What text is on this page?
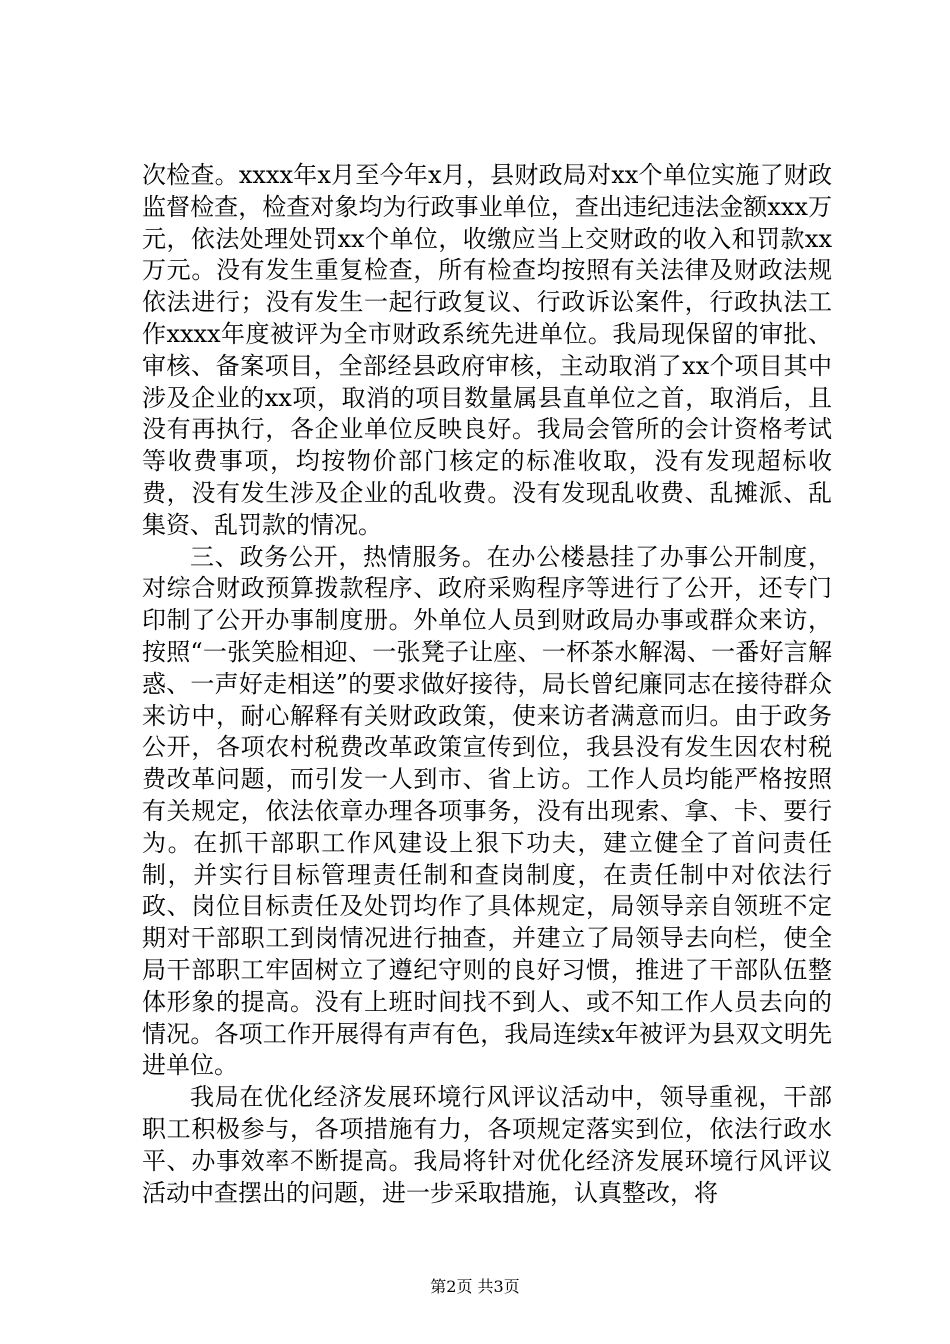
次检查。xxxx年x月至今年x月，县财政局对xx个单位实施了财政监督检查，检查对象均为行政事业单位，查出违纪违法金额xxx万元，依法处理处罚xx个单位，收缴应当上交财政的收入和罚款xx万元。没有发生重复检查，所有检查均按照有关法律及财政法规依法进行；没有发生一起行政复议、行政诉讼案件，行政执法工作xxxx年度被评为全市财政系统先进单位。我局现保留的审批、审核、备案项目，全部经县政府审核，主动取消了xx个项目其中涉及企业的xx项，取消的项目数量属县直单位之首，取消后，且没有再执行，各企业单位反映良好。我局会管所的会计资格考试等收费事项，均按物价部门核定的标准收取，没有发现超标收费，没有发生涉及企业的乱收费。没有发现乱收费、乱摊派、乱集资、乱罚款的情况。

三、政务公开，热情服务。在办公楼悬挂了办事公开制度，对综合财政预算拨款程序、政府采购程序等进行了公开，还专门印制了公开办事制度册。外单位人员到财政局办事或群众来访，按照“一张笑脸相迎、一张凳子让座、一杯茶水解渴、一番好言解惑、一声好走相送”的要求做好接待，局长曾纪廉同志在接待群众来访中，耐心解释有关财政政策，使来访者满意而归。由于政务公开，各项农村税费改革政策宣传到位，我县没有发生因农村税费改革问题，而引发一人到市、省上访。工作人员均能严格按照有关规定，依法依章办理各项事务，没有出现索、拿、卡、要行为。在抓干部职工作风建设上狠下功夫，建立健全了首问责任制，并实行目标管理责任制和查岗制度，在责任制中对依法行政、岗位目标责任及处罚均作了具体规定，局领导亲自领班不定期对干部职工到岗情况进行抽查，并建立了局领导去向栏，使全局干部职工牢固树立了遵纪守则的良好习惯，推进了干部队伍整体形象的提高。没有上班时间找不到人、或不知工作人员去向的情况。各项工作开展得有声有色，我局连续x年被评为县双文明先进单位。

我局在优化经济发展环境行风评议活动中，领导重视，干部职工积极参与，各项措施有力，各项规定落实到位，依法行政水平、办事效率不断提高。我局将针对优化经济发展环境行风评议活动中查摆出的问题，进一步采取措施，认真整改，将

第2页 共3页
